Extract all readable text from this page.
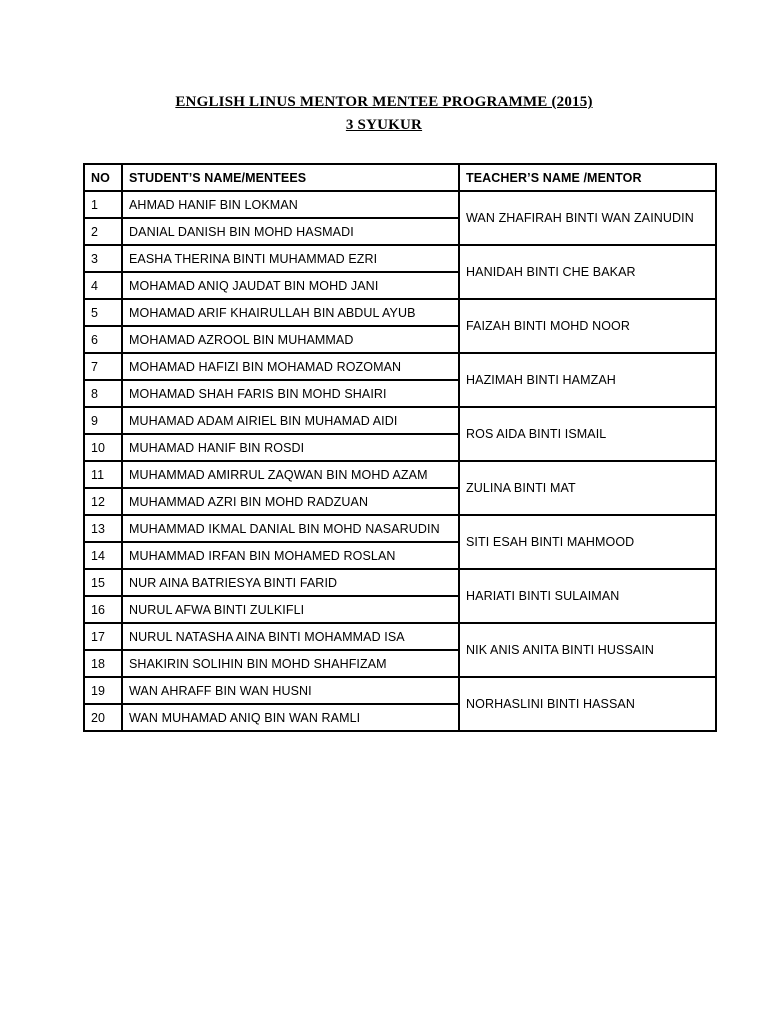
ENGLISH LINUS MENTOR MENTEE PROGRAMME (2015)
3 SYUKUR
NO	STUDENT’S NAME/MENTEES	TEACHER’S NAME /MENTOR
1	AHMAD HANIF BIN LOKMAN	WAN ZHAFIRAH BINTI WAN ZAINUDIN
2	DANIAL DANISH BIN MOHD HASMADI	
3	EASHA THERINA BINTI MUHAMMAD EZRI	HANIDAH BINTI CHE BAKAR
4	MOHAMAD ANIQ JAUDAT BIN MOHD JANI	
5	MOHAMAD ARIF KHAIRULLAH BIN ABDUL AYUB	FAIZAH BINTI MOHD NOOR
6	MOHAMAD AZROOL BIN MUHAMMAD	
7	MOHAMAD HAFIZI BIN MOHAMAD ROZOMAN	HAZIMAH BINTI HAMZAH
8	MOHAMAD SHAH FARIS BIN MOHD SHAIRI	
9	MUHAMAD ADAM AIRIEL BIN MUHAMAD AIDI	ROS AIDA BINTI ISMAIL
10	MUHAMAD HANIF BIN ROSDI	
11	MUHAMMAD AMIRRUL ZAQWAN BIN MOHD AZAM	ZULINA BINTI MAT
12	MUHAMMAD AZRI BIN MOHD RADZUAN	
13	MUHAMMAD IKMAL DANIAL BIN MOHD NASARUDIN	SITI ESAH BINTI MAHMOOD
14	MUHAMMAD IRFAN BIN MOHAMED ROSLAN	
15	NUR AINA BATRIESYA BINTI FARID	HARIATI BINTI SULAIMAN
16	NURUL AFWA BINTI ZULKIFLI	
17	NURUL NATASHA AINA BINTI MOHAMMAD ISA	NIK ANIS ANITA BINTI HUSSAIN
18	SHAKIRIN SOLIHIN BIN MOHD SHAHFIZAM	
19	WAN AHRAFF BIN WAN HUSNI	NORHASLINI BINTI HASSAN
20	WAN MUHAMAD ANIQ BIN WAN RAMLI	
